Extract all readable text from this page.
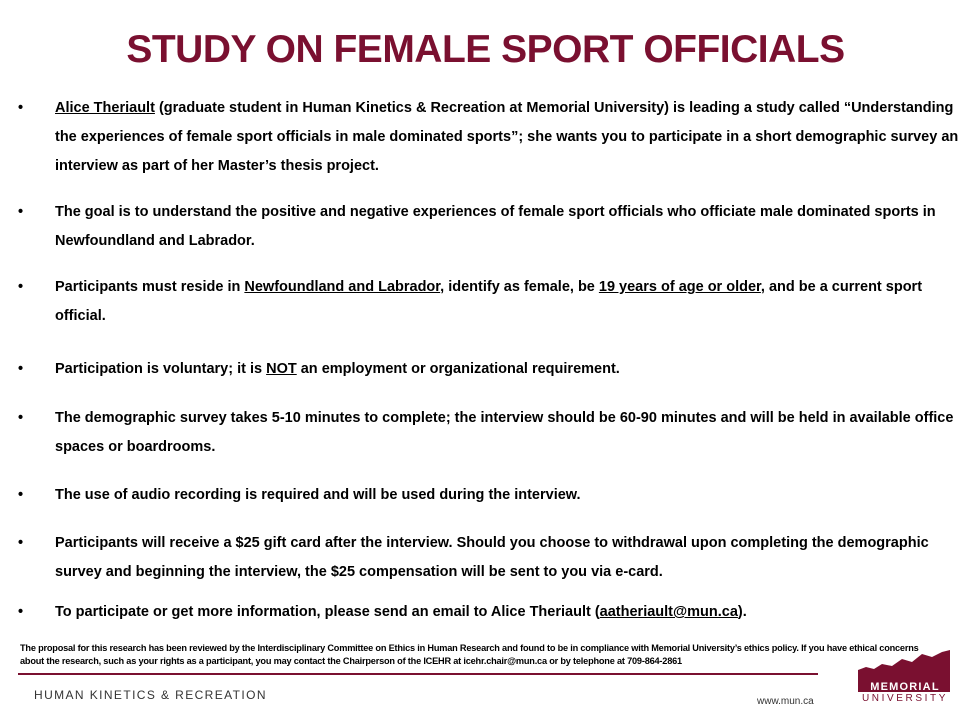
STUDY ON FEMALE SPORT OFFICIALS
•	Alice Theriault (graduate student in Human Kinetics & Recreation at Memorial University) is leading a study called “Understanding the experiences of female sport officials in male dominated sports”; she wants you to participate in a short demographic survey an interview as part of her Master’s thesis project.
•	The goal is to understand the positive and negative experiences of female sport officials who officiate male dominated sports in Newfoundland and Labrador.
•	Participants must reside in Newfoundland and Labrador, identify as female, be 19 years of age or older, and be a current sport official.
•	Participation is voluntary; it is NOT an employment or organizational requirement.
•	The demographic survey takes 5-10 minutes to complete; the interview should be 60-90 minutes and will be held in available office spaces or boardrooms.
•	The use of audio recording is required and will be used during the interview.
•	Participants will receive a $25 gift card after the interview. Should you choose to withdrawal upon completing the demographic survey and beginning the interview, the $25 compensation will be sent to you via e-card.
•	To participate or get more information, please send an email to Alice Theriault (aatheriault@mun.ca).
The proposal for this research has been reviewed by the Interdisciplinary Committee on Ethics in Human Research and found to be in compliance with Memorial University’s ethics policy. If you have ethical concerns about the research, such as your rights as a participant, you may contact the Chairperson of the ICEHR at icehr.chair@mun.ca or by telephone at 709-864-2861
HUMAN KINETICS & RECREATION	www.mun.ca
MEMORIAL
UNIVERSITY
